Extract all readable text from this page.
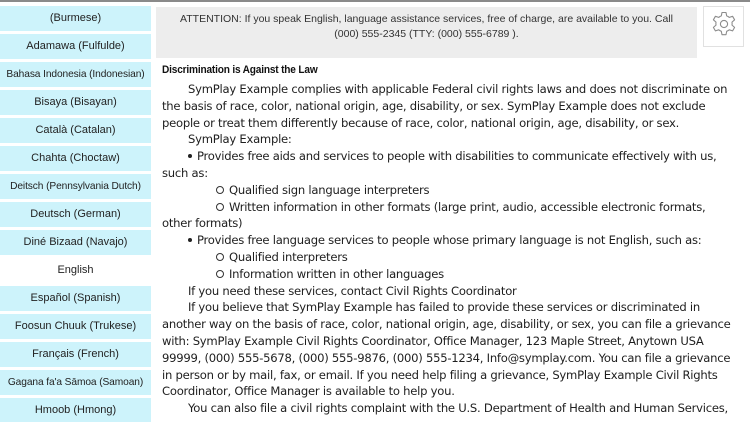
(Burmese)
Adamawa (Fulfulde)
Bahasa Indonesia (Indonesian)
Bisaya (Bisayan)
Català (Catalan)
Chahta (Choctaw)
Deitsch (Pennsylvania Dutch)
Deutsch (German)
Diné Bizaad (Navajo)
English
Español (Spanish)
Foosun Chuuk (Trukese)
Français (French)
Gagana fa'a Sāmoa (Samoan)
Hmoob (Hmong)
ATTENTION: If you speak English, language assistance services, free of charge, are available to you. Call (000) 555-2345 (TTY: (000) 555-6789 ).
Discrimination is Against the Law

SymPlay Example complies with applicable Federal civil rights laws and does not discriminate on the basis of race, color, national origin, age, disability, or sex. SymPlay Example does not exclude people or treat them differently because of race, color, national origin, age, disability, or sex.

SymPlay Example:

Provides free aids and services to people with disabilities to communicate effectively with us, such as:

Qualified sign language interpreters

Written information in other formats (large print, audio, accessible electronic formats, other formats)

Provides free language services to people whose primary language is not English, such as:

Qualified interpreters

Information written in other languages

If you need these services, contact Civil Rights Coordinator

If you believe that SymPlay Example has failed to provide these services or discriminated in another way on the basis of race, color, national origin, age, disability, or sex, you can file a grievance with: SymPlay Example Civil Rights Coordinator, Office Manager, 123 Maple Street, Anytown USA 99999, (000) 555-5678, (000) 555-9876, (000) 555-1234, Info@symplay.com. You can file a grievance in person or by mail, fax, or email. If you need help filing a grievance, SymPlay Example Civil Rights Coordinator, Office Manager is available to help you.

You can also file a civil rights complaint with the U.S. Department of Health and Human Services,
